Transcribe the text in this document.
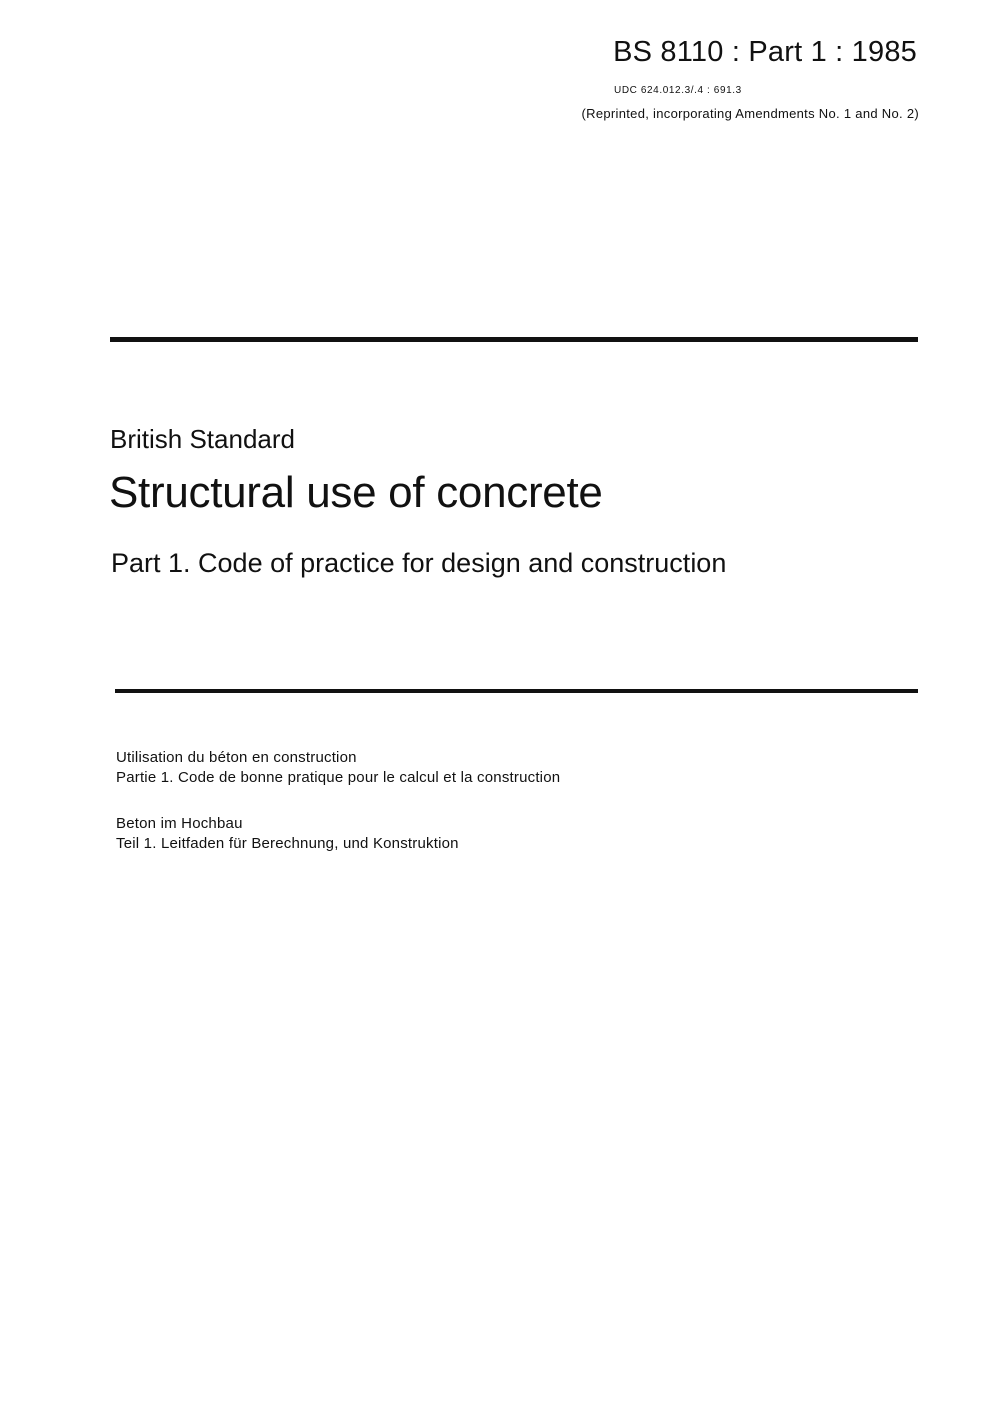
BS 8110 : Part 1 : 1985
UDC 624.012.3/.4 : 691.3
(Reprinted, incorporating Amendments No. 1 and No. 2)
British Standard
Structural use of concrete
Part 1. Code of practice for design and construction
Utilisation du béton en construction
Partie 1. Code de bonne pratique pour le calcul et la construction
Beton im Hochbau
Teil 1. Leitfaden für Berechnung, und Konstruktion
